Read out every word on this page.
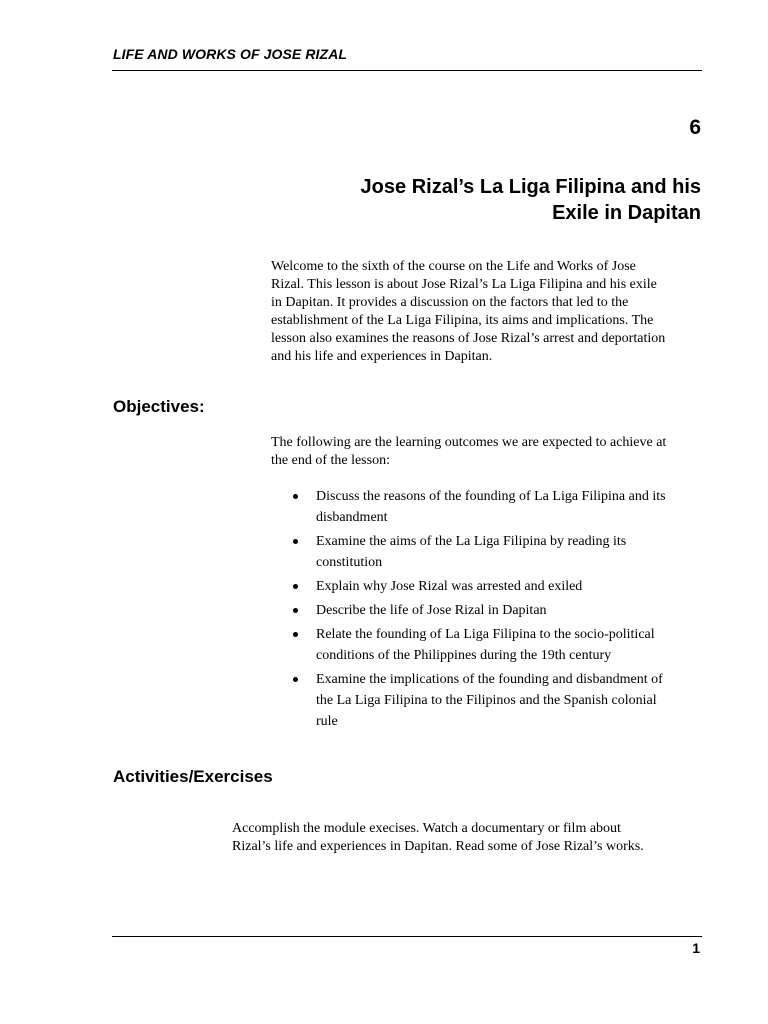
LIFE AND WORKS OF JOSE RIZAL
6
Jose Rizal’s La Liga Filipina and his
Exile in Dapitan
Welcome to the sixth of the course on the Life and Works of Jose
Rizal. This lesson is about Jose Rizal’s La Liga Filipina and his exile
in Dapitan. It provides a discussion on the factors that led to the
establishment of the La Liga Filipina, its aims and implications. The
lesson also examines the reasons of Jose Rizal’s arrest and deportation
and his life and experiences in Dapitan.
Objectives:
The following are the learning outcomes we are expected to achieve at
the end of the lesson:
Discuss the reasons of the founding of La Liga Filipina and its
disbandment
Examine the aims of the La Liga Filipina by reading its
constitution
Explain why Jose Rizal was arrested and exiled
Describe the life of Jose Rizal in Dapitan
Relate the founding of La Liga Filipina to the socio-political
conditions of the Philippines during the 19th century
Examine the implications of the founding and disbandment of
the La Liga Filipina to the Filipinos and the Spanish colonial
rule
Activities/Exercises
Accomplish the module execises. Watch a documentary or film about
Rizal’s life and experiences in Dapitan. Read some of Jose Rizal’s works.
1
